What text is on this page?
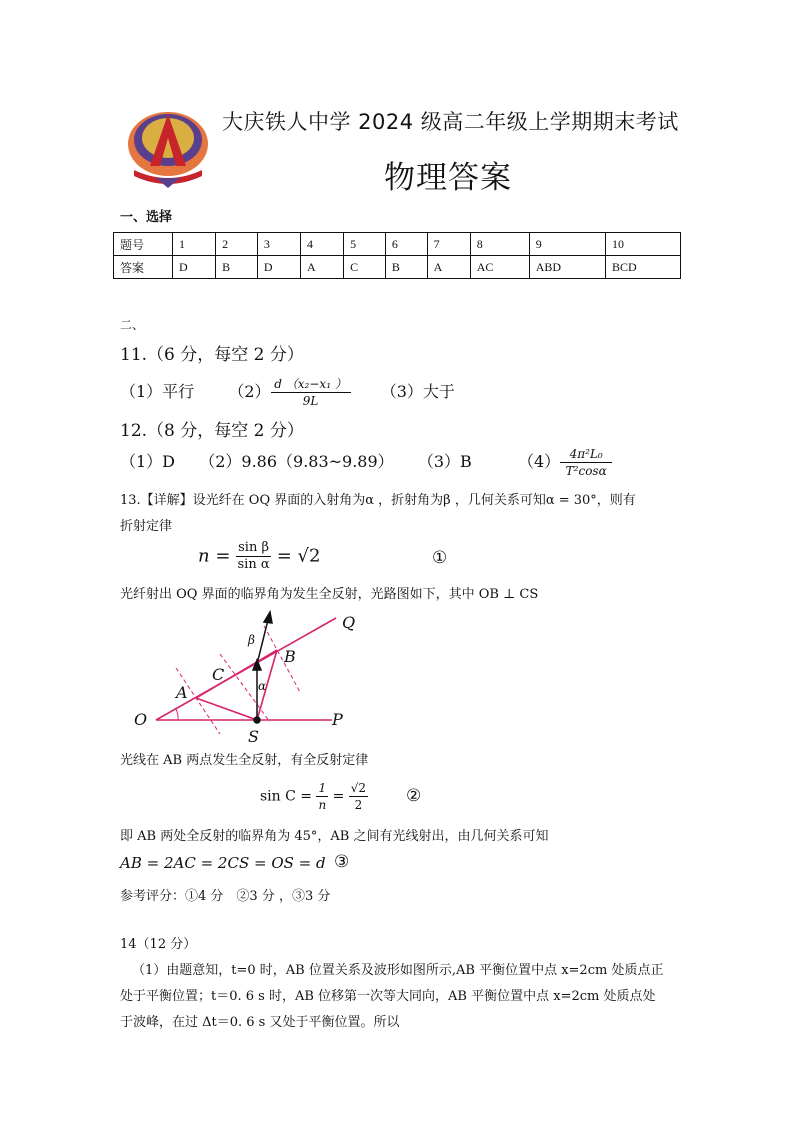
大庆铁人中学 2024 级高二年级上学期期末考试
物理答案
一、选择
题号	1	2	3	4	5	6	7	8	9	10
答案	D	B	D	A	C	B	A	AC	ABD	BCD
二、
11.（6 分，每空 2 分）
（1）平行 $(2) \frac{\text{d （x₂−x₁ ）}}{9L} (3)$大于
12.（8 分，每空 2 分）
（1）D （2）9.86（9.83~9.89） （3）B	$(4) \frac{\text{4π²L₀}}{\text{T²cosα}}$
13.【详解】设光纤在 OQ 界面的入射角为α ，折射角为β ，几何关系可知α = 30°，则有
折射定律
$n = \frac{\text{sin β}}{\text{sin α}} = √2$	①
光纤射出 OQ 界面的临界角为发生全反射，光路图如下，其中 OB ⊥ CS
O	P
Q
S
A
B
C
α
β
光线在 AB 两点发生全反射，有全反射定律
$\sin C = \frac{1}{n} = \frac{√2}{2}$ ②
即 AB 两处全反射的临界角为 45°，AB 之间有光线射出，由几何关系可知
AB = 2AC = 2CS = OS = d ③
参考评分：①4 分　②3 分 ，③3 分
14（12 分）
（1）由题意知，t=0 时，AB 位置关系及波形如图所示,AB 平衡位置中点 x=2cm 处质点正
处于平衡位置；t＝0. 6 s 时，AB 位移第一次等大同向，AB 平衡位置中点 x=2cm 处质点处
于波峰，在过 Δt＝0. 6 s 又处于平衡位置。所以
